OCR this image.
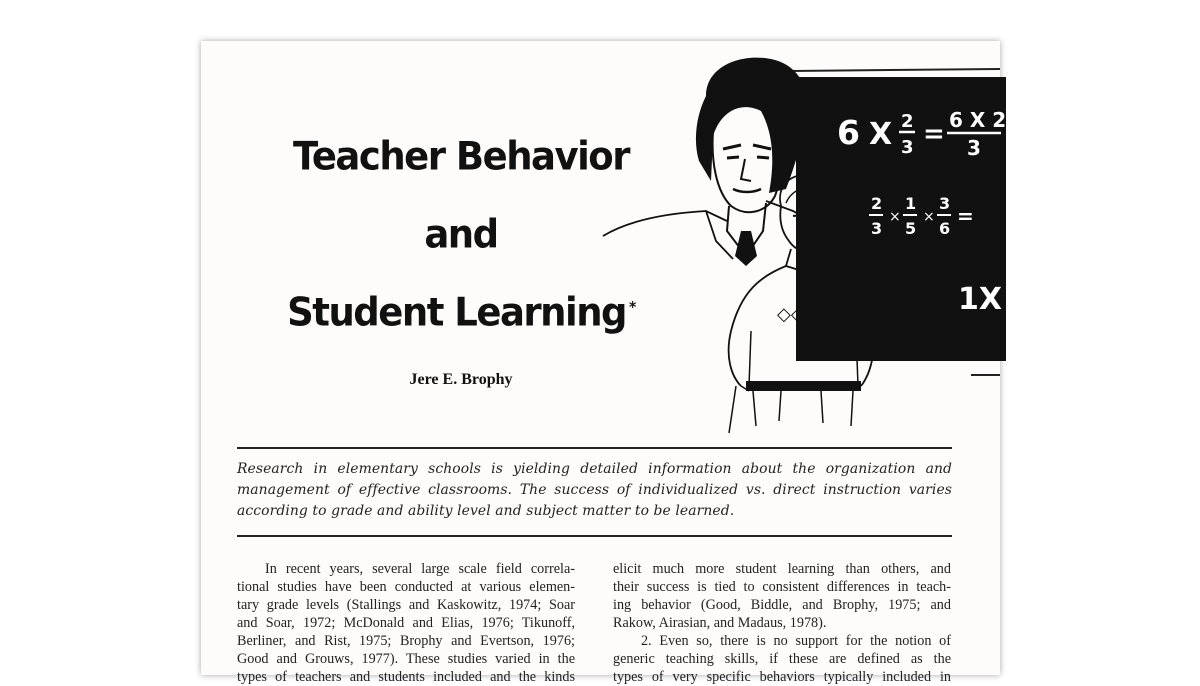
Teacher Behavior
and
Student Learning *
Jere E. Brophy
6 X 2
3 = 6 X 2
3
2
3
×
1
5
×
3
6
=
1X
◇◇◇×
Research in elementary schools is yielding detailed information about the organization and
management of effective classrooms. The success of individualized vs. direct instruction varies
according to grade and ability level and subject matter to be learned.
In recent years, several large scale field correla-
tional studies have been conducted at various elemen-
tary grade levels (Stallings and Kaskowitz, 1974; Soar
and Soar, 1972; McDonald and Elias, 1976; Tikunoff,
Berliner, and Rist, 1975; Brophy and Evertson, 1976;
Good and Grouws, 1977). These studies varied in the
types of teachers and students included and the kinds
elicit much more student learning than others, and
their success is tied to consistent differences in teach-
ing behavior (Good, Biddle, and Brophy, 1975; and
Rakow, Airasian, and Madaus, 1978).
2. Even so, there is no support for the notion of
generic teaching skills, if these are defined as the
types of very specific behaviors typically included in
